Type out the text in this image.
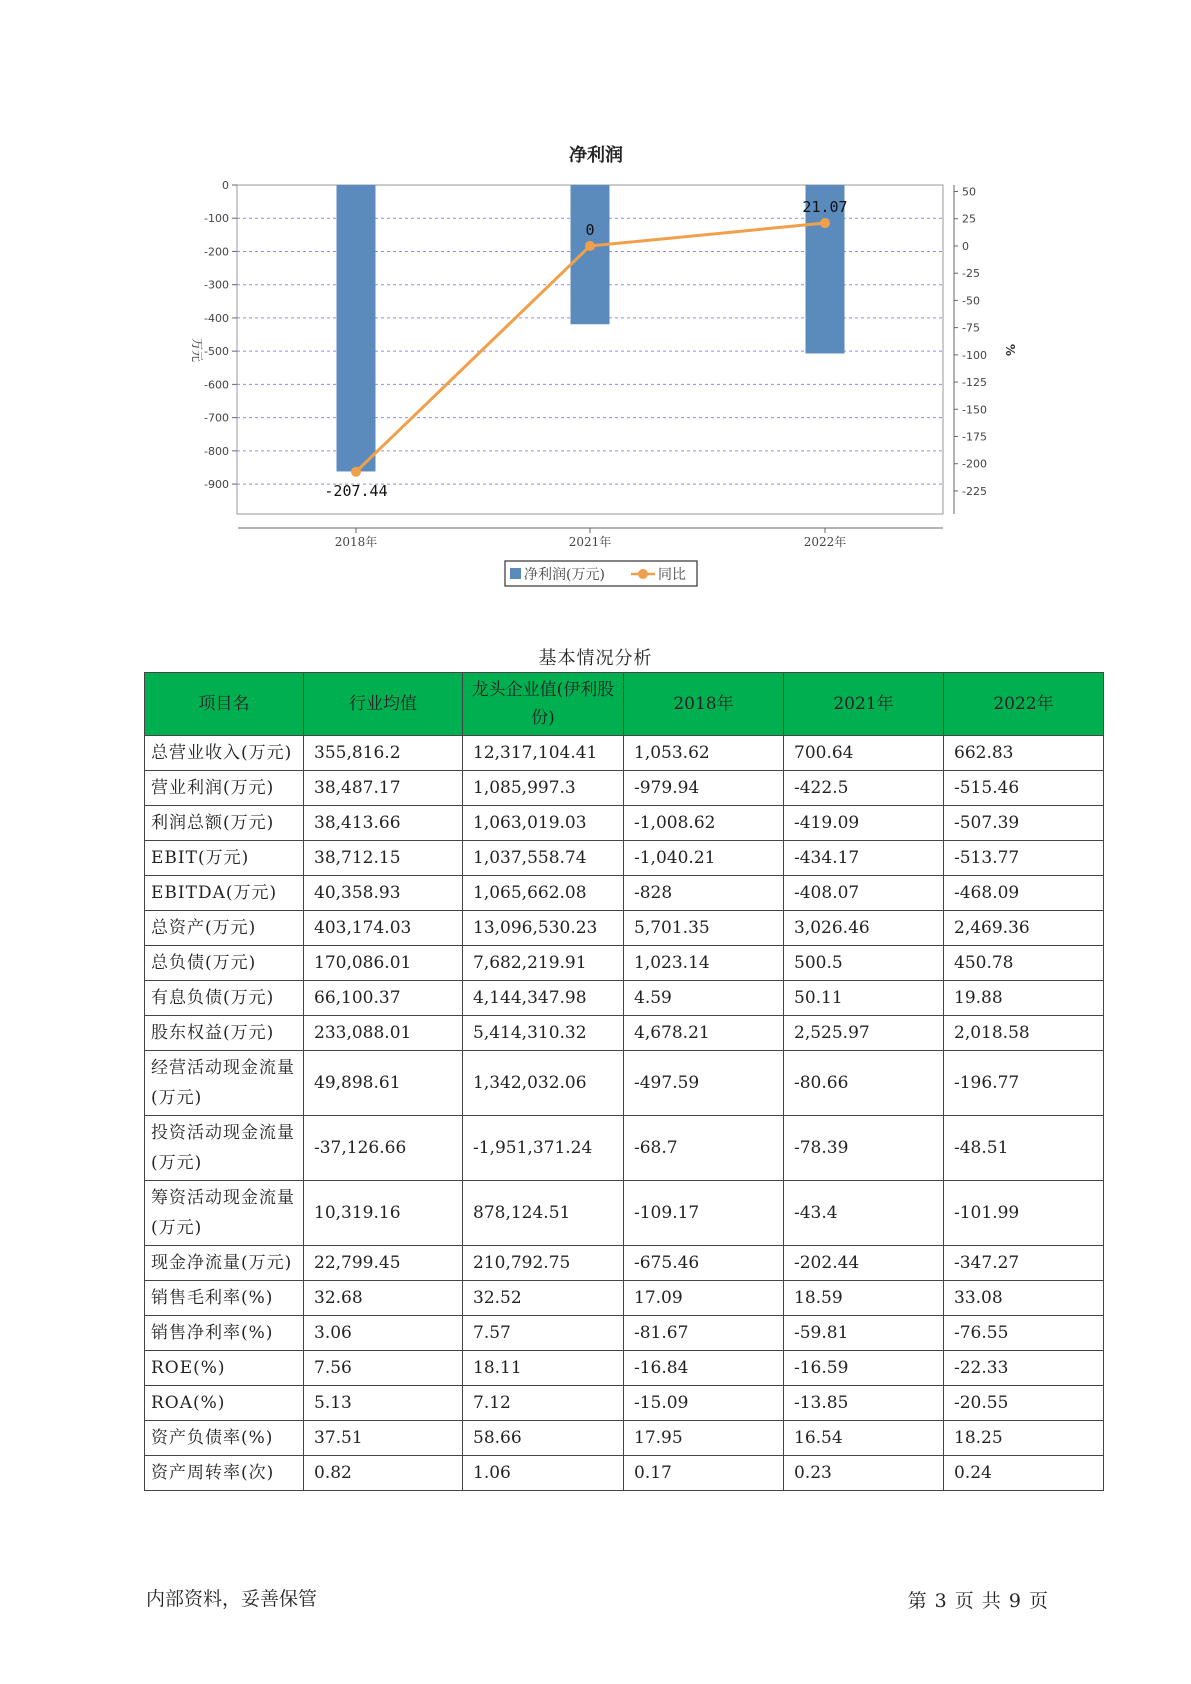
净利润
0
-100
-200
-300
-400
-500
-600
-700
-800
-900
50
25
0
-25
-50
-75
-100
-125
-150
-175
-200
-225
万元	%
2018年	2021年	2022年
-207.44
0
21.07
净利润(万元)	同比
基本情况分析
项目名	行业均值	龙头企业值(伊利股份)	2018年	2021年	2022年
总营业收入(万元)	355,816.2	12,317,104.41	1,053.62	700.64	662.83
营业利润(万元)	38,487.17	1,085,997.3	-979.94	-422.5	-515.46
利润总额(万元)	38,413.66	1,063,019.03	-1,008.62	-419.09	-507.39
EBIT(万元)	38,712.15	1,037,558.74	-1,040.21	-434.17	-513.77
EBITDA(万元)	40,358.93	1,065,662.08	-828	-408.07	-468.09
总资产(万元)	403,174.03	13,096,530.23	5,701.35	3,026.46	2,469.36
总负债(万元)	170,086.01	7,682,219.91	1,023.14	500.5	450.78
有息负债(万元)	66,100.37	4,144,347.98	4.59	50.11	19.88
股东权益(万元)	233,088.01	5,414,310.32	4,678.21	2,525.97	2,018.58
经营活动现金流量(万元)	49,898.61	1,342,032.06	-497.59	-80.66	-196.77
投资活动现金流量(万元)	-37,126.66	-1,951,371.24	-68.7	-78.39	-48.51
筹资活动现金流量(万元)	10,319.16	878,124.51	-109.17	-43.4	-101.99
现金净流量(万元)	22,799.45	210,792.75	-675.46	-202.44	-347.27
销售毛利率(%)	32.68	32.52	17.09	18.59	33.08
销售净利率(%)	3.06	7.57	-81.67	-59.81	-76.55
ROE(%)	7.56	18.11	-16.84	-16.59	-22.33
ROA(%)	5.13	7.12	-15.09	-13.85	-20.55
资产负债率(%)	37.51	58.66	17.95	16.54	18.25
资产周转率(次)	0.82	1.06	0.17	0.23	0.24
内部资料，妥善保管	第 3 页 共 9 页
